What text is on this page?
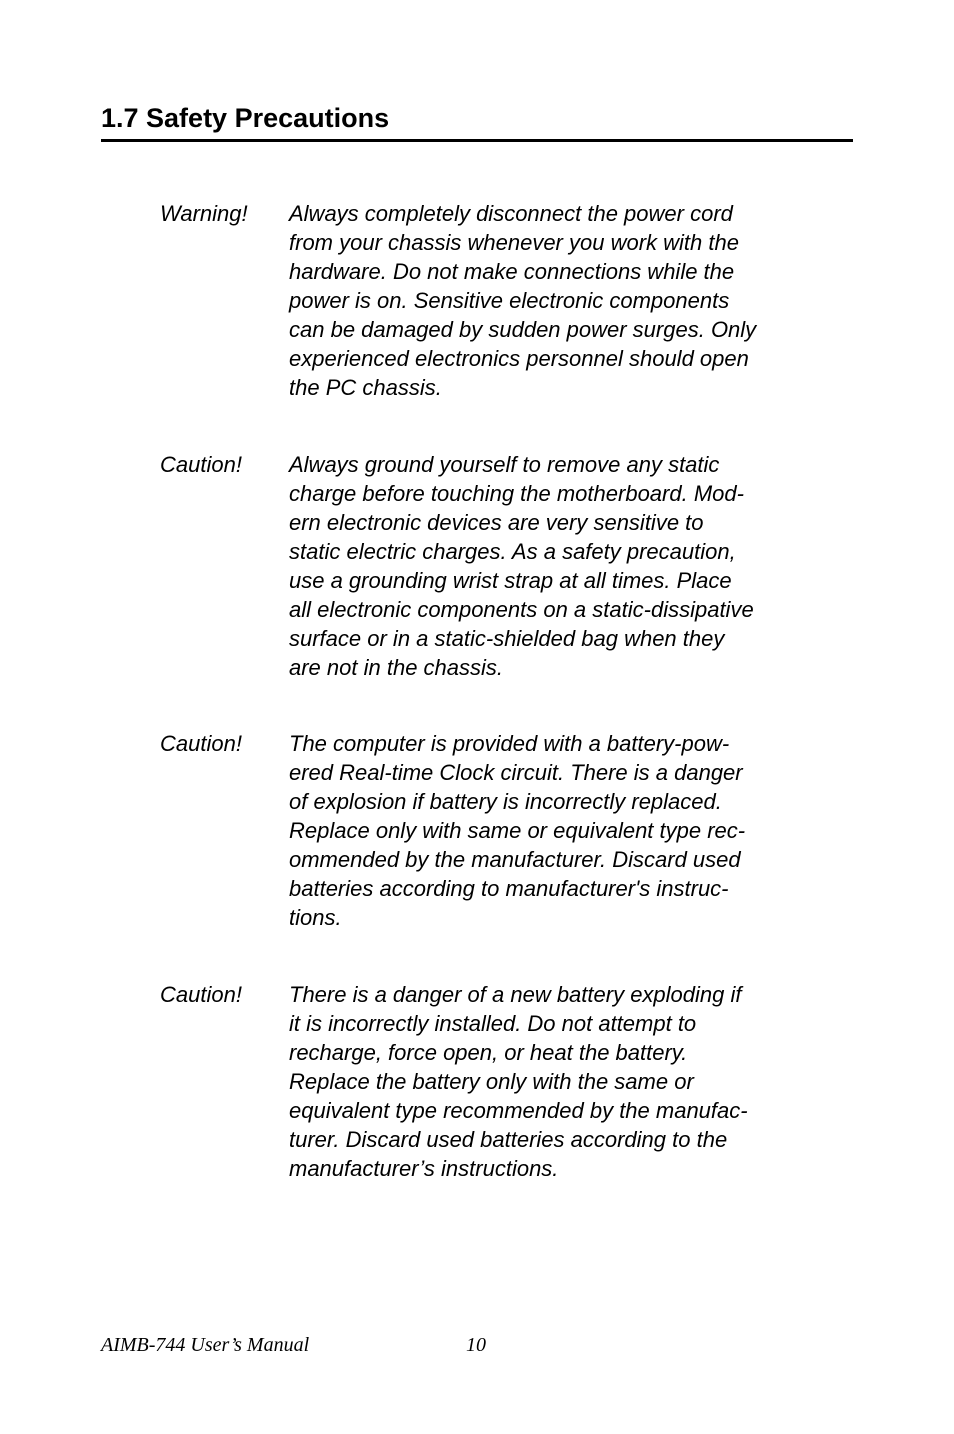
1.7 Safety Precautions
Warning! Always completely disconnect the power cord
from your chassis whenever you work with the
hardware. Do not make connections while the
power is on. Sensitive electronic components
can be damaged by sudden power surges. Only
experienced electronics personnel should open
the PC chassis.
Caution! Always ground yourself to remove any static
charge before touching the motherboard. Mod-
ern electronic devices are very sensitive to
static electric charges. As a safety precaution,
use a grounding wrist strap at all times. Place
all electronic components on a static-dissipative
surface or in a static-shielded bag when they
are not in the chassis.
Caution! The computer is provided with a battery-pow-
ered Real-time Clock circuit. There is a danger
of explosion if battery is incorrectly replaced.
Replace only with same or equivalent type rec-
ommended by the manufacturer. Discard used
batteries according to manufacturer's instruc-
tions.
Caution! There is a danger of a new battery exploding if
it is incorrectly installed. Do not attempt to
recharge, force open, or heat the battery.
Replace the battery only with the same or
equivalent type recommended by the manufac-
turer. Discard used batteries according to the
manufacturer’s instructions.
AIMB-744 User’s Manual	10
